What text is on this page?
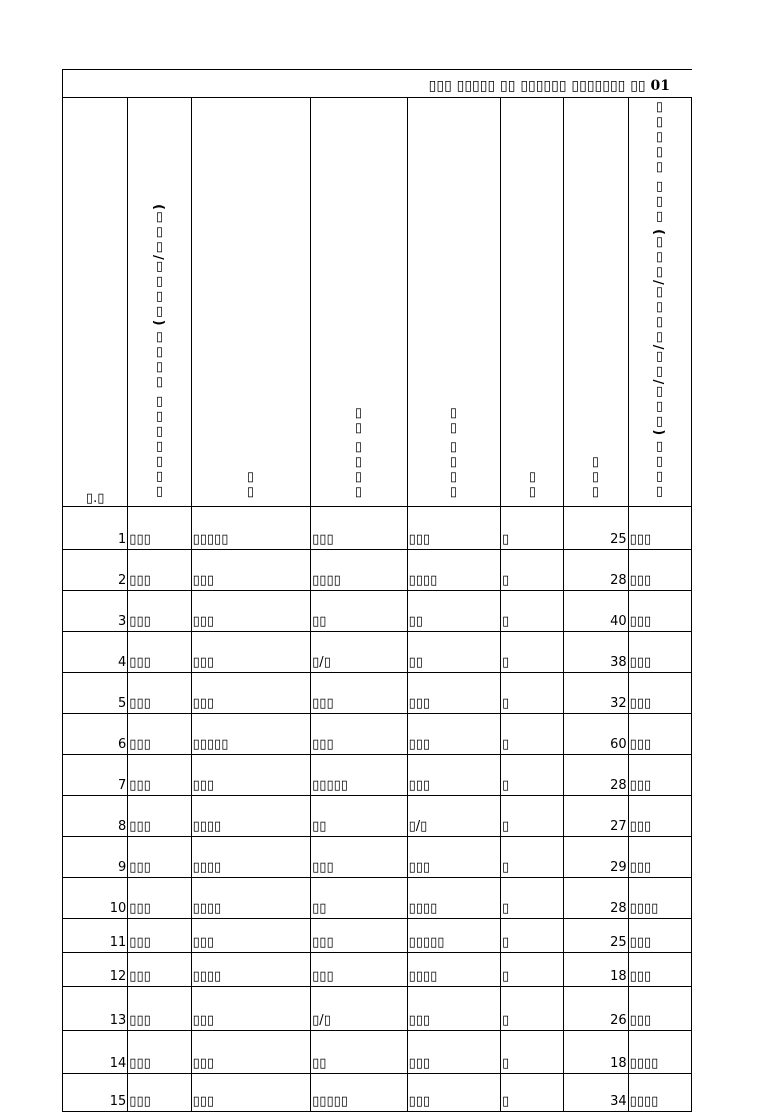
▯▯▯ ▯▯▯▯▯ ▯▯ ▯▯▯▯▯▯ ▯▯▯▯▯▯▯ ▯▯ 01
▯.▯	▯▯▯▯▯▯▯ ▯▯▯▯ (▯▯▯▯/▯▯▯)	▯▯	▯▯▯▯ ▯▯	▯▯▯▯ ▯▯	▯▯	▯▯▯	▯▯▯▯ (▯▯▯/▯▯/▯▯▯▯/▯▯▯) ▯▯▯ ▯▯▯▯▯
1	▯▯▯	▯▯▯▯▯	▯▯▯	▯▯▯	▯	25	▯▯▯
2	▯▯▯	▯▯▯	▯▯▯▯	▯▯▯▯	▯	28	▯▯▯
3	▯▯▯	▯▯▯	▯▯	▯▯	▯	40	▯▯▯
4	▯▯▯	▯▯▯	▯/▯	▯▯	▯	38	▯▯▯
5	▯▯▯	▯▯▯	▯▯▯	▯▯▯	▯	32	▯▯▯
6	▯▯▯	▯▯▯▯▯	▯▯▯	▯▯▯	▯	60	▯▯▯
7	▯▯▯	▯▯▯	▯▯▯▯▯	▯▯▯	▯	28	▯▯▯
8	▯▯▯	▯▯▯▯	▯▯	▯/▯	▯	27	▯▯▯
9	▯▯▯	▯▯▯▯	▯▯▯	▯▯▯	▯	29	▯▯▯
10	▯▯▯	▯▯▯▯	▯▯	▯▯▯▯	▯	28	▯▯▯▯
11	▯▯▯	▯▯▯	▯▯▯	▯▯▯▯▯	▯	25	▯▯▯
12	▯▯▯	▯▯▯▯	▯▯▯	▯▯▯▯	▯	18	▯▯▯
13	▯▯▯	▯▯▯	▯/▯	▯▯▯	▯	26	▯▯▯
14	▯▯▯	▯▯▯	▯▯	▯▯▯	▯	18	▯▯▯▯
15	▯▯▯	▯▯▯	▯▯▯▯▯	▯▯▯	▯	34	▯▯▯▯
